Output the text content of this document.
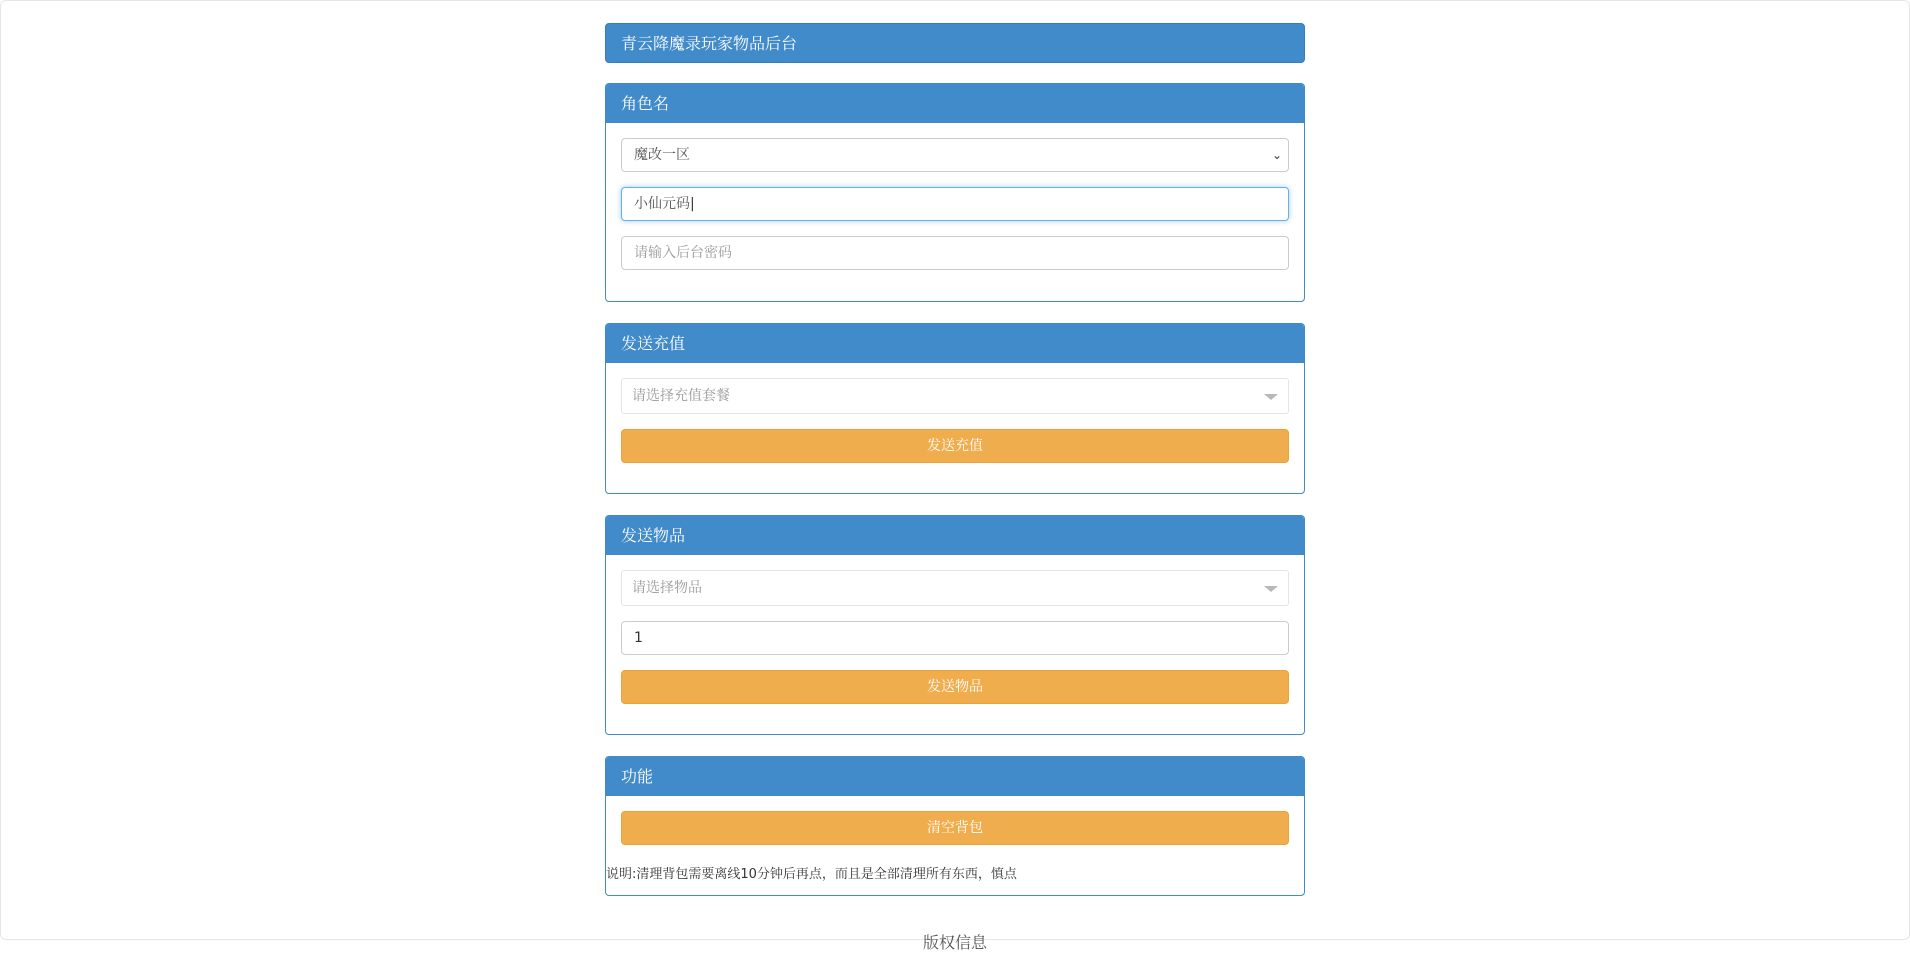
青云降魔录玩家物品后台
角色名
魔改一区	⌄
小仙元码|
请输入后台密码
发送充值
请选择充值套餐
发送充值
发送物品
请选择物品
1
发送物品
功能
清空背包
说明:清理背包需要离线10分钟后再点，而且是全部清理所有东西，慎点
版权信息
